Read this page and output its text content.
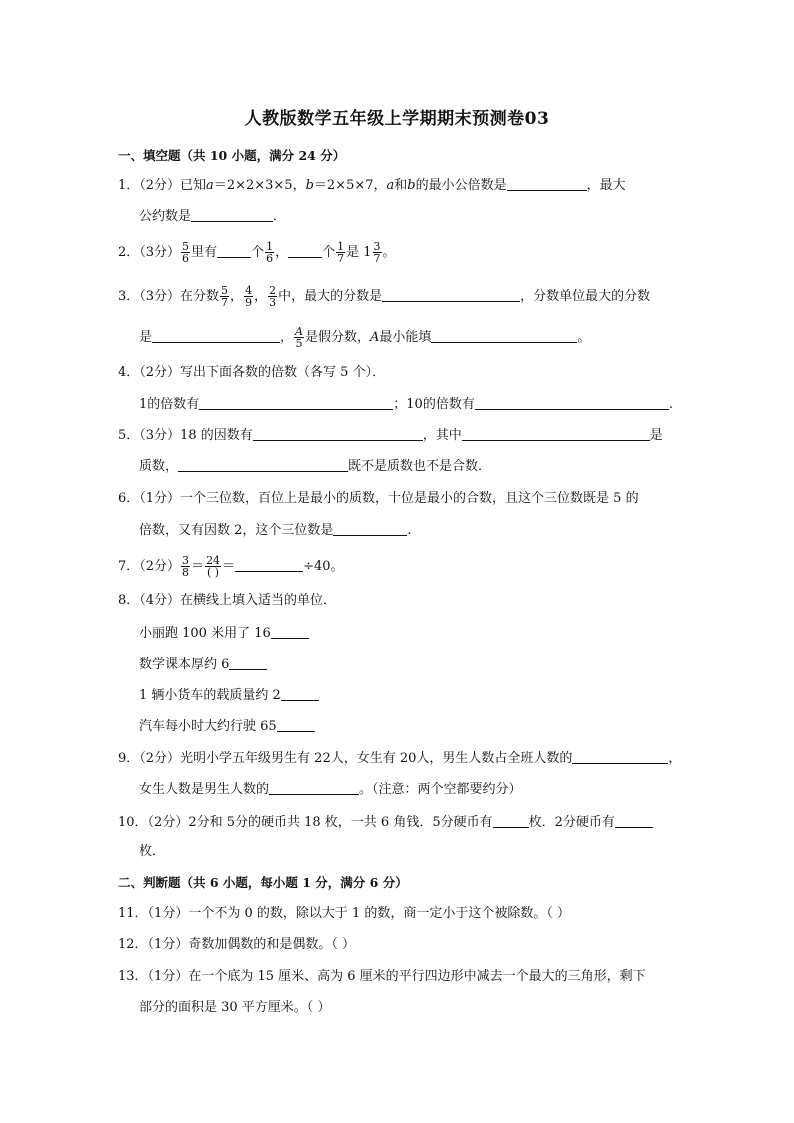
人教版数学五年级上学期期末预测卷03
一、填空题（共 10 小题，满分 24 分）
1．（2分）已知a＝2×2×3×5，b＝2×5×7，a和b的最小公倍数是	，最大
公约数是	．
2．（3分） $\frac{5}{6}$ 里有	个 $\frac{1}{6}$ ，	个 $\frac{1}{7}$ 是 $1 \frac{3}{7}$ 。
3．（3分）在分数 $\frac{5}{7}$ ， $\frac{4}{9}$ ， $\frac{2}{3}$ 中，最大的分数是	，分数单位最大的分数
是	， $\frac{A}{5}$ 是假分数，A最小能填	。
4．（2分）写出下面各数的倍数（各写 5 个）．
1的倍数有	；10的倍数有	.
5．（3分）18 的因数有	，其中	是
质数，	既不是质数也不是合数．
6．（1分）一个三位数，百位上是最小的质数，十位是最小的合数，且这个三位数既是 5 的
倍数，又有因数 2，这个三位数是	.
7．（2分） $\frac{3}{8} = \frac{24}{( )}$ ＝	÷40。
8．（4分）在横线上填入适当的单位．
小丽跑 100 米用了 16
数学课本厚约 6
1 辆小货车的载质量约 2
汽车每小时大约行驶 65
9．（2分）光明小学五年级男生有 22人，女生有 20人，男生人数占全班人数的	，
女生人数是男生人数的	。（注意：两个空都要约分）
10．（2分）2分和 5分的硬币共 18 枚，一共 6 角钱．5分硬币有	枚．2分硬币有
枚．
二、判断题（共 6 小题，每小题 1 分，满分 6 分）
11．（1分）一个不为 0 的数，除以大于 1 的数，商一定小于这个被除数。（ ）
12．（1分）奇数加偶数的和是偶数。（ ）
13．（1分）在一个底为 15 厘米、高为 6 厘米的平行四边形中减去一个最大的三角形，剩下
部分的面积是 30 平方厘米。（ ）
